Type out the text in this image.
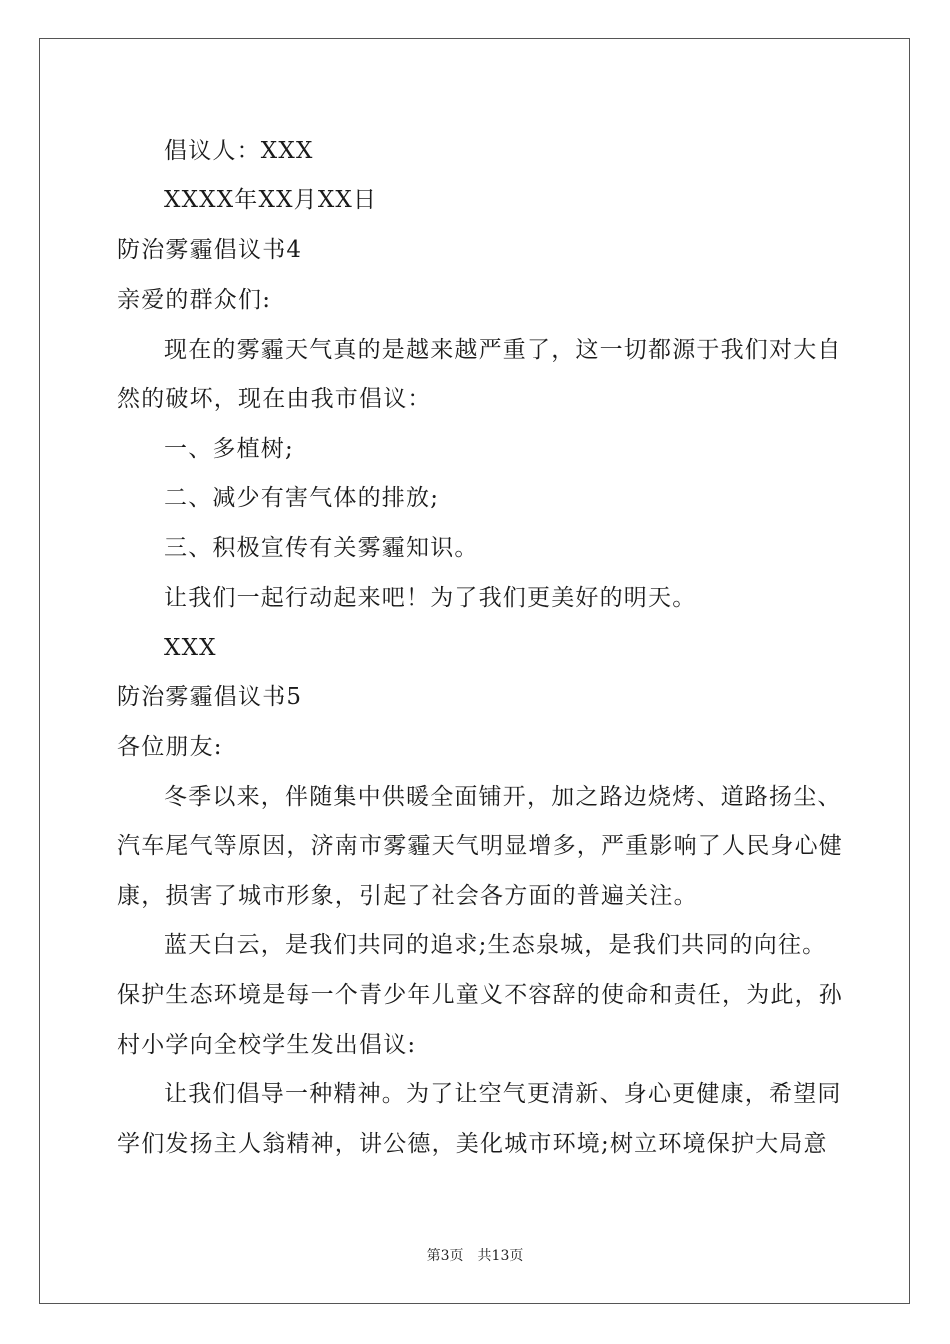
倡议人：XXX
XXXX年XX月XX日
防治雾霾倡议书4
亲爱的群众们:
现在的雾霾天气真的是越来越严重了，这一切都源于我们对大自
然的破坏，现在由我市倡议：
一、多植树;
二、减少有害气体的排放;
三、积极宣传有关雾霾知识。
让我们一起行动起来吧！为了我们更美好的明天。
XXX
防治雾霾倡议书5
各位朋友:
冬季以来，伴随集中供暖全面铺开，加之路边烧烤、道路扬尘、
汽车尾气等原因，济南市雾霾天气明显增多，严重影响了人民身心健
康，损害了城市形象，引起了社会各方面的普遍关注。
蓝天白云，是我们共同的追求;生态泉城，是我们共同的向往。
保护生态环境是每一个青少年儿童义不容辞的使命和责任，为此，孙
村小学向全校学生发出倡议:
让我们倡导一种精神。为了让空气更清新、身心更健康，希望同
学们发扬主人翁精神，讲公德，美化城市环境;树立环境保护大局意
第3页 共13页
